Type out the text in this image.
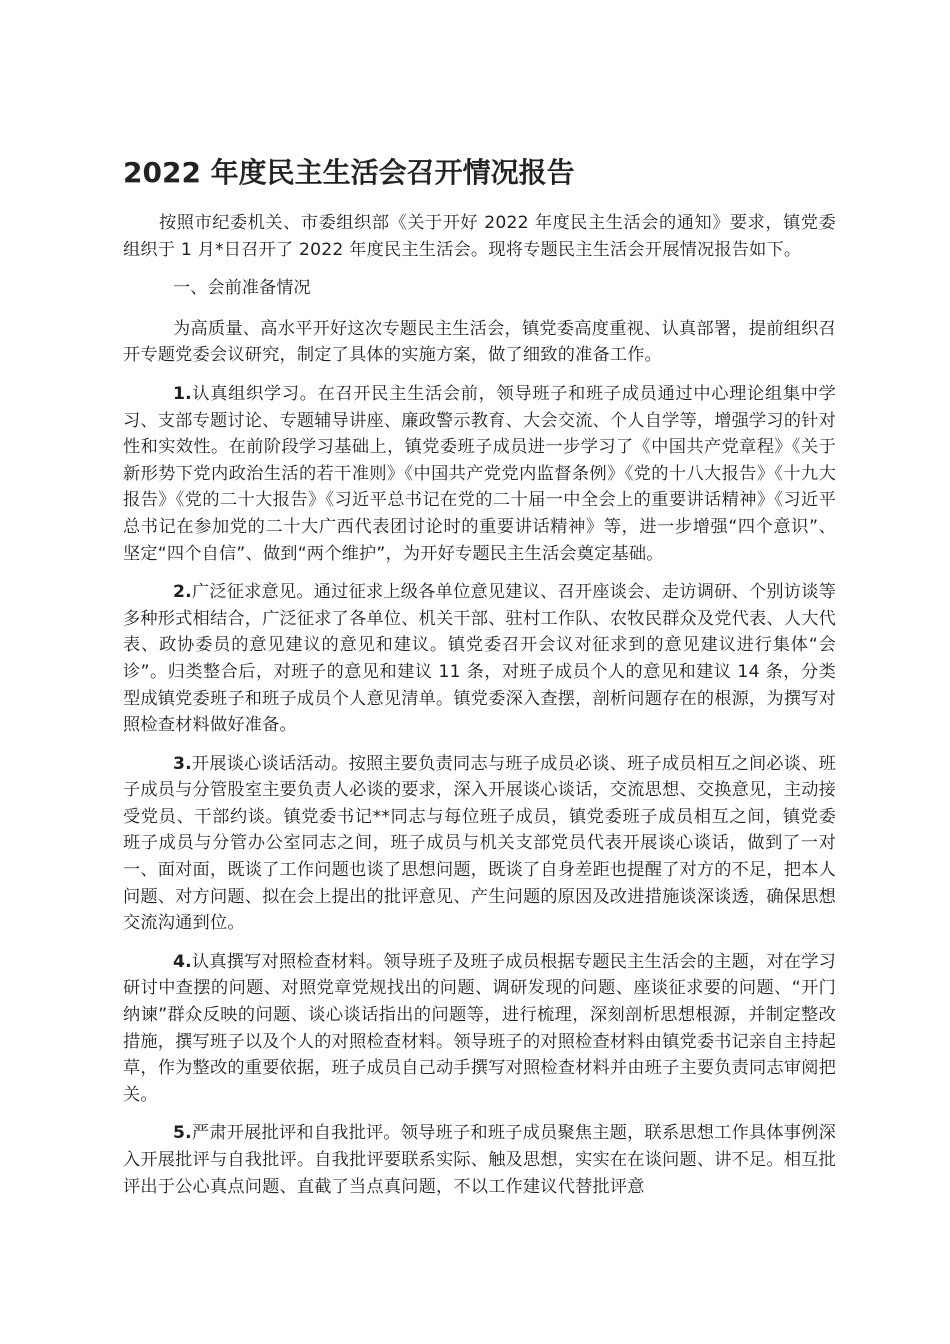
2022 年度民主生活会召开情况报告

按照市纪委机关、市委组织部《关于开好 2022 年度民主生活会的通知》要求，镇党委组织于 1 月*日召开了 2022 年度民主生活会。现将专题民主生活会开展情况报告如下。

一、会前准备情况

为高质量、高水平开好这次专题民主生活会，镇党委高度重视、认真部署，提前组织召开专题党委会议研究，制定了具体的实施方案，做了细致的准备工作。

1.认真组织学习。在召开民主生活会前，领导班子和班子成员通过中心理论组集中学习、支部专题讨论、专题辅导讲座、廉政警示教育、大会交流、个人自学等，增强学习的针对性和实效性。在前阶段学习基础上，镇党委班子成员进一步学习了《中国共产党章程》《关于新形势下党内政治生活的若干准则》《中国共产党党内监督条例》《党的十八大报告》《十九大报告》《党的二十大报告》《习近平总书记在党的二十届一中全会上的重要讲话精神》《习近平总书记在参加党的二十大广西代表团讨论时的重要讲话精神》等，进一步增强“四个意识”、坚定“四个自信”、做到“两个维护”，为开好专题民主生活会奠定基础。

2.广泛征求意见。通过征求上级各单位意见建议、召开座谈会、走访调研、个别访谈等多种形式相结合，广泛征求了各单位、机关干部、驻村工作队、农牧民群众及党代表、人大代表、政协委员的意见建议的意见和建议。镇党委召开会议对征求到的意见建议进行集体“会诊”。归类整合后，对班子的意见和建议 11 条，对班子成员个人的意见和建议 14 条，分类型成镇党委班子和班子成员个人意见清单。镇党委深入查摆，剖析问题存在的根源，为撰写对照检查材料做好准备。

3.开展谈心谈话活动。按照主要负责同志与班子成员必谈、班子成员相互之间必谈、班子成员与分管股室主要负责人必谈的要求，深入开展谈心谈话，交流思想、交换意见，主动接受党员、干部约谈。镇党委书记**同志与每位班子成员，镇党委班子成员相互之间，镇党委班子成员与分管办公室同志之间，班子成员与机关支部党员代表开展谈心谈话，做到了一对一、面对面，既谈了工作问题也谈了思想问题，既谈了自身差距也提醒了对方的不足，把本人问题、对方问题、拟在会上提出的批评意见、产生问题的原因及改进措施谈深谈透，确保思想交流沟通到位。

4.认真撰写对照检查材料。领导班子及班子成员根据专题民主生活会的主题，对在学习研讨中查摆的问题、对照党章党规找出的问题、调研发现的问题、座谈征求要的问题、“开门纳谏”群众反映的问题、谈心谈话指出的问题等，进行梳理，深刻剖析思想根源，并制定整改措施，撰写班子以及个人的对照检查材料。领导班子的对照检查材料由镇党委书记亲自主持起草，作为整改的重要依据，班子成员自己动手撰写对照检查材料并由班子主要负责同志审阅把关。

5.严肃开展批评和自我批评。领导班子和班子成员聚焦主题，联系思想工作具体事例深入开展批评与自我批评。自我批评要联系实际、触及思想，实实在在谈问题、讲不足。相互批评出于公心真点问题、直截了当点真问题，不以工作建议代替批评意
